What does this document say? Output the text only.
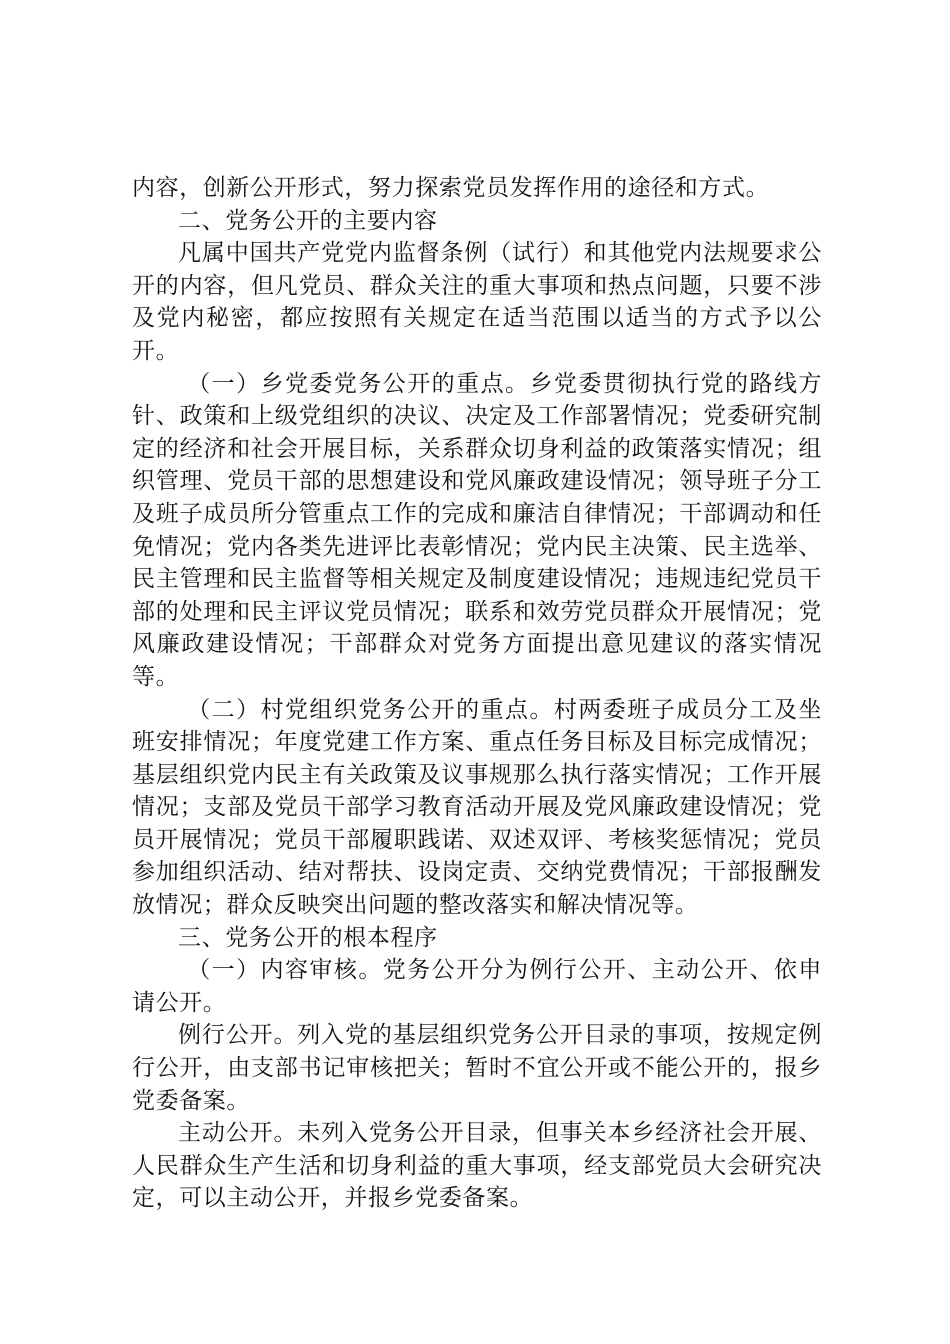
内容，创新公开形式，努力探索党员发挥作用的途径和方式。

二、党务公开的主要内容

凡属中国共产党党内监督条例（试行）和其他党内法规要求公开的内容，但凡党员、群众关注的重大事项和热点问题，只要不涉及党内秘密，都应按照有关规定在适当范围以适当的方式予以公开。

（一）乡党委党务公开的重点。乡党委贯彻执行党的路线方针、政策和上级党组织的决议、决定及工作部署情况；党委研究制定的经济和社会开展目标，关系群众切身利益的政策落实情况；组织管理、党员干部的思想建设和党风廉政建设情况；领导班子分工及班子成员所分管重点工作的完成和廉洁自律情况；干部调动和任免情况；党内各类先进评比表彰情况；党内民主决策、民主选举、民主管理和民主监督等相关规定及制度建设情况；违规违纪党员干部的处理和民主评议党员情况；联系和效劳党员群众开展情况；党风廉政建设情况；干部群众对党务方面提出意见建议的落实情况等。

（二）村党组织党务公开的重点。村两委班子成员分工及坐班安排情况；年度党建工作方案、重点任务目标及目标完成情况；基层组织党内民主有关政策及议事规那么执行落实情况；工作开展情况；支部及党员干部学习教育活动开展及党风廉政建设情况；党员开展情况；党员干部履职践诺、双述双评、考核奖惩情况；党员参加组织活动、结对帮扶、设岗定责、交纳党费情况；干部报酬发放情况；群众反映突出问题的整改落实和解决情况等。

三、党务公开的根本程序

（一）内容审核。党务公开分为例行公开、主动公开、依申请公开。

例行公开。列入党的基层组织党务公开目录的事项，按规定例行公开，由支部书记审核把关；暂时不宜公开或不能公开的，报乡党委备案。

主动公开。未列入党务公开目录，但事关本乡经济社会开展、人民群众生产生活和切身利益的重大事项，经支部党员大会研究决定，可以主动公开，并报乡党委备案。
